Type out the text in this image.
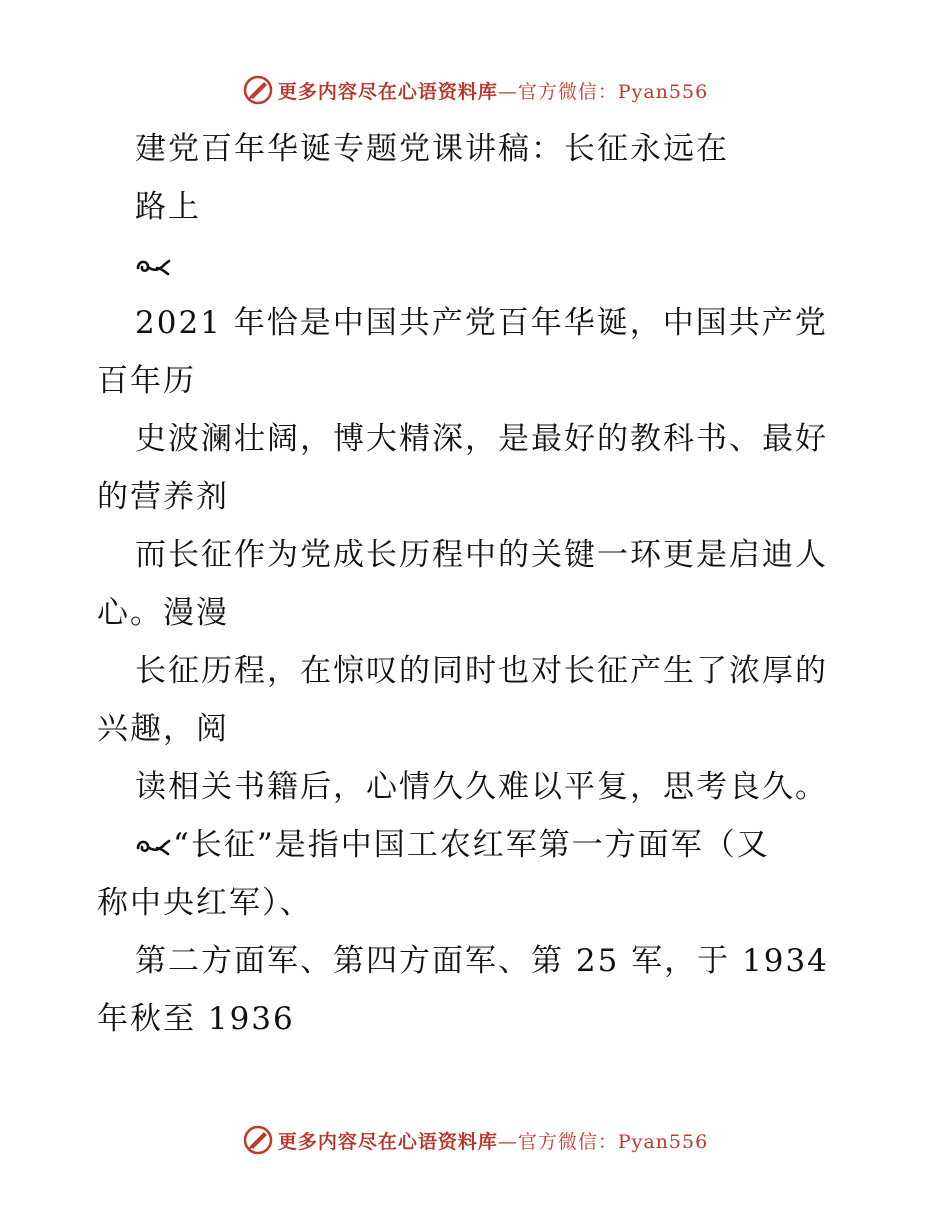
更多内容尽在心语资料库—官方微信：Pyan556
建党百年华诞专题党课讲稿：长征永远在
路上
2021 年恰是中国共产党百年华诞，中国共产党
百年历
史波澜壮阔，博大精深，是最好的教科书、最好
的营养剂
而长征作为党成长历程中的关键一环更是启迪人
心。漫漫
长征历程，在惊叹的同时也对长征产生了浓厚的
兴趣，阅
读相关书籍后，心情久久难以平复，思考良久。
“长征”是指中国工农红军第一方面军（又
称中央红军）、
第二方面军、第四方面军、第 25 军，于 1934
年秋至 1936
更多内容尽在心语资料库—官方微信：Pyan556
